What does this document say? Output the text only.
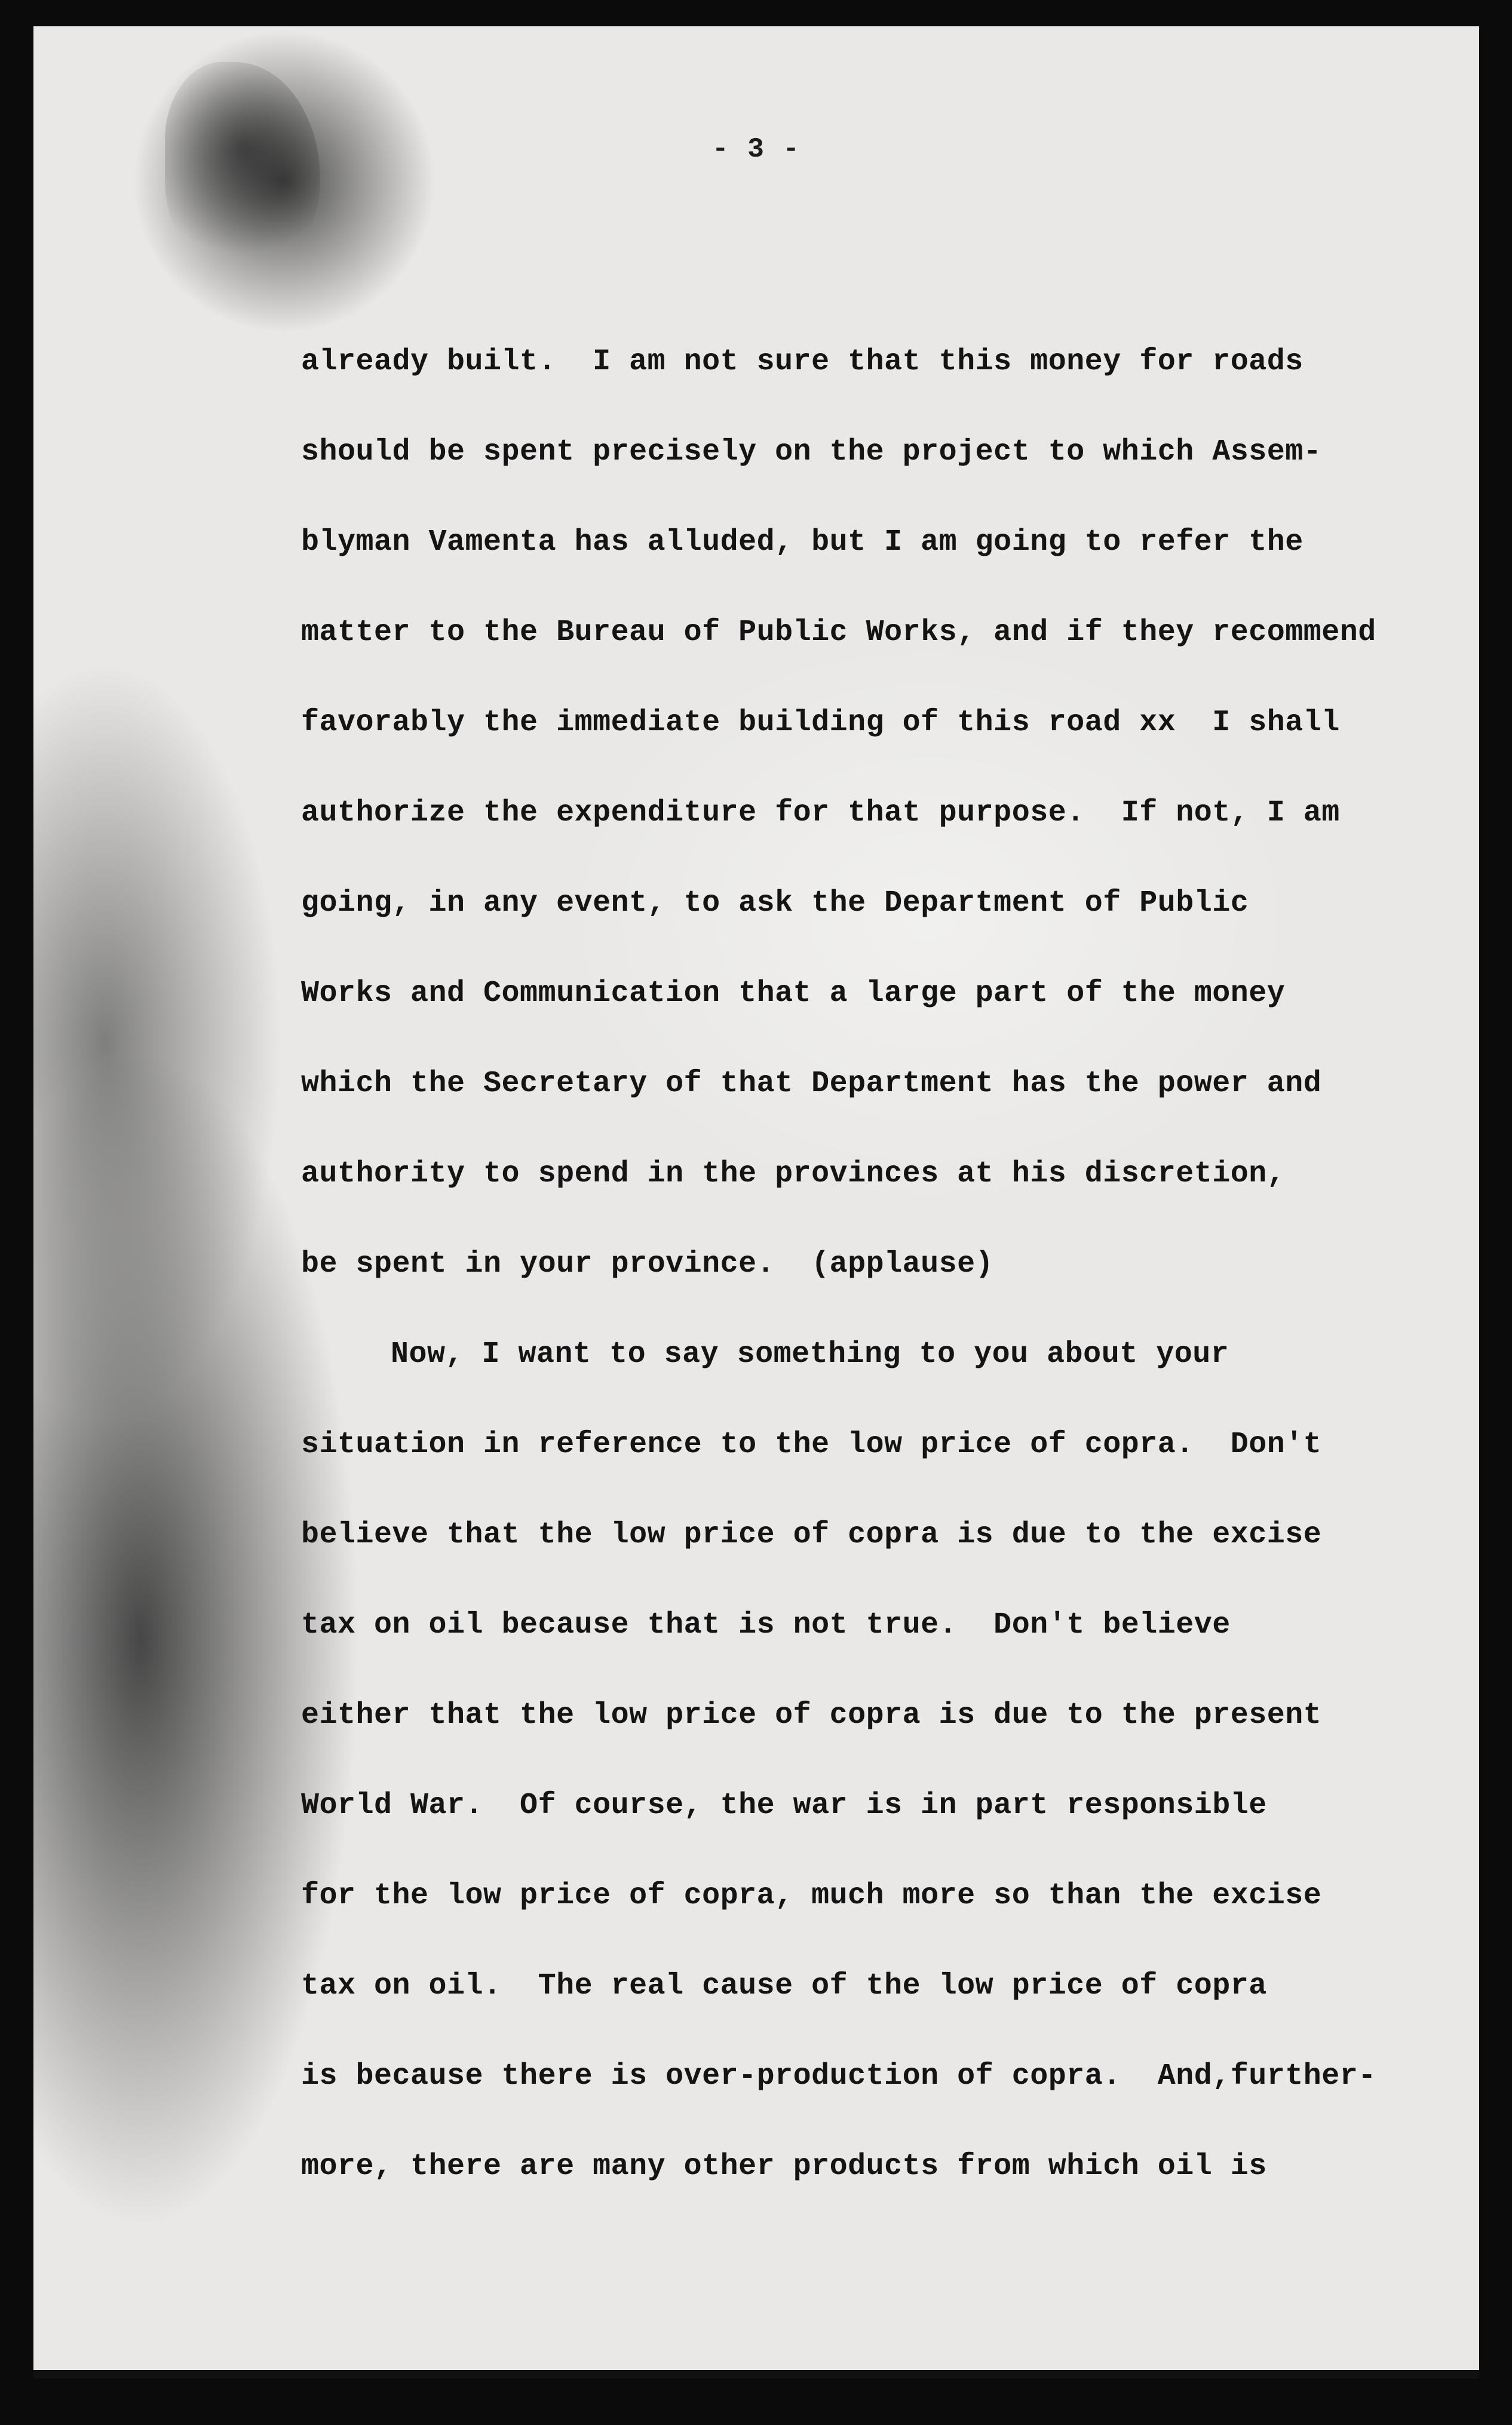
- 3 -
already built.  I am not sure that this money for roads
should be spent precisely on the project to which Assem-
blyman Vamenta has alluded, but I am going to refer the
matter to the Bureau of Public Works, and if they recommend
favorably the immediate building of this road xx  I shall
authorize the expenditure for that purpose.  If not, I am
going, in any event, to ask the Department of Public
Works and Communication that a large part of the money
which the Secretary of that Department has the power and
authority to spend in the provinces at his discretion,
be spent in your province.  (applause)
Now, I want to say something to you about your
situation in reference to the low price of copra.  Don't
believe that the low price of copra is due to the excise
tax on oil because that is not true.  Don't believe
either that the low price of copra is due to the present
World War.  Of course, the war is in part responsible
for the low price of copra, much more so than the excise
tax on oil.  The real cause of the low price of copra
is because there is over-production of copra.  And,further-
more, there are many other products from which oil is
